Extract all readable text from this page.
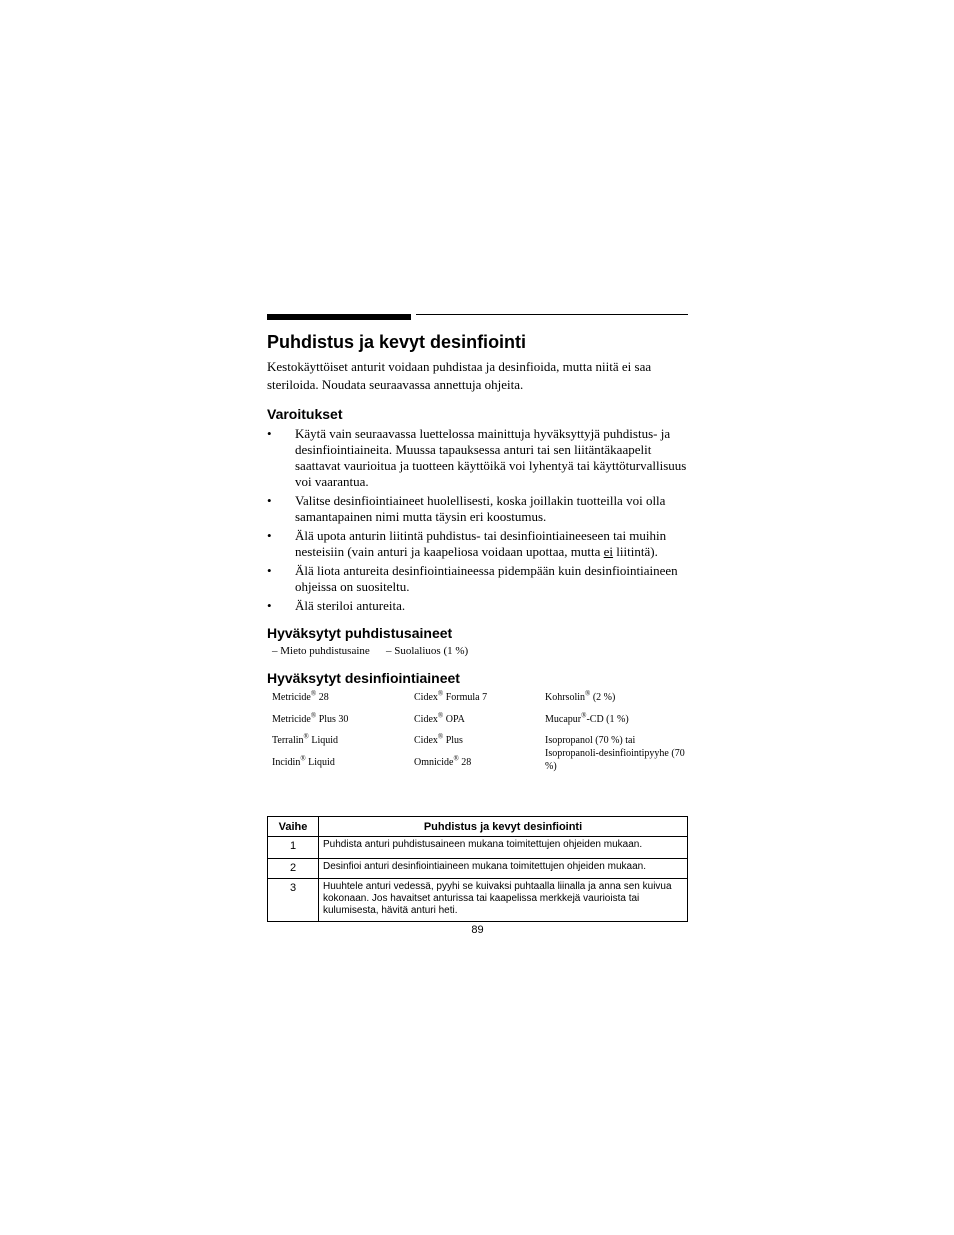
Puhdistus ja kevyt desinfiointi

Kestokäyttöiset anturit voidaan puhdistaa ja desinfioida, mutta niitä ei saa steriloida. Noudata seuraavassa annettuja ohjeita.

Varoitukset
• Käytä vain seuraavassa luettelossa mainittuja hyväksyttyjä puhdistus- ja desinfiointiaineita. Muussa tapauksessa anturi tai sen liitäntäkaapelit saattavat vaurioitua ja tuotteen käyttöikä voi lyhentyä tai käyttöturvallisuus voi vaarantua.
• Valitse desinfiointiaineet huolellisesti, koska joillakin tuotteilla voi olla samantapainen nimi mutta täysin eri koostumus.
• Älä upota anturin liitintä puhdistus- tai desinfiointiaineeseen tai muihin nesteisiin (vain anturi ja kaapeliosa voidaan upottaa, mutta ei liitintä).
• Älä liota antureita desinfiointiaineessa pidempään kuin desinfiointiaineen ohjeissa on suositeltu.
• Älä steriloi antureita.
Hyväksytyt puhdistusaineet
– Mieto puhdistusaine	– Suolaliuos (1 %)
Hyväksytyt desinfiointiaineet
Metricide® 28	Cidex® Formula 7	Kohrsolin® (2 %)
Metricide® Plus 30	Cidex® OPA	Mucapur®-CD (1 %)
Terralin® Liquid	Cidex® Plus	Isopropanol (70 %) tai Isopropanoli-desinfiointipyyhe (70 %)
Incidin® Liquid	Omnicide® 28
Vaihe	Puhdistus ja kevyt desinfiointi
1	Puhdista anturi puhdistusaineen mukana toimitettujen ohjeiden mukaan.
2	Desinfioi anturi desinfiointiaineen mukana toimitettujen ohjeiden mukaan.
3	Huuhtele anturi vedessä, pyyhi se kuivaksi puhtaalla liinalla ja anna sen kuivua kokonaan. Jos havaitset anturissa tai kaapelissa merkkejä vaurioista tai kulumisesta, hävitä anturi heti.
89
